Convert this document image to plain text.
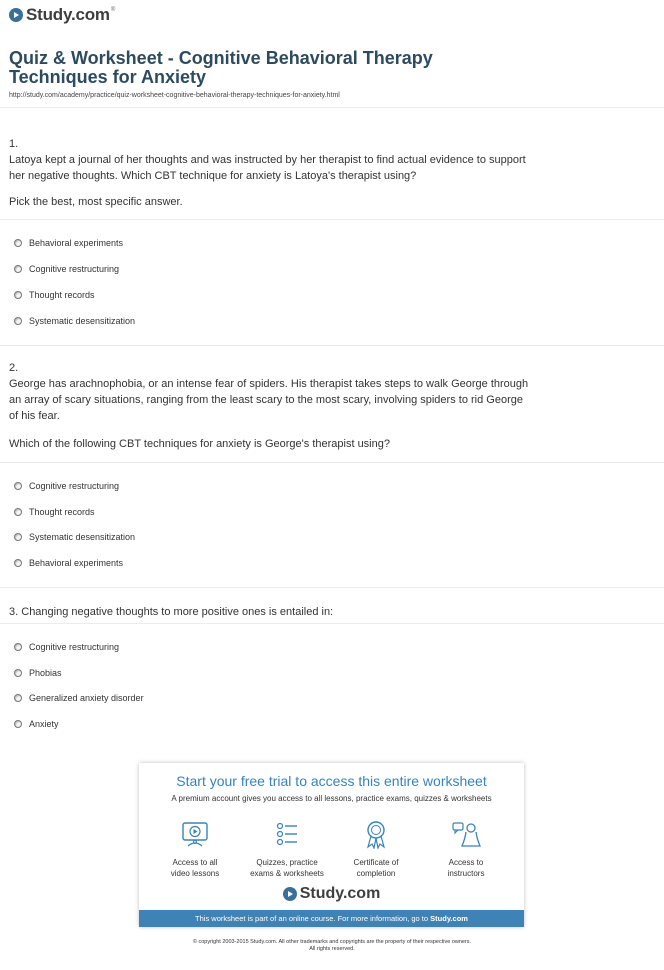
Study.com ®
Quiz & Worksheet - Cognitive Behavioral Therapy Techniques for Anxiety
http://study.com/academy/practice/quiz-worksheet-cognitive-behavioral-therapy-techniques-for-anxiety.html
1.
Latoya kept a journal of her thoughts and was instructed by her therapist to find actual evidence to support her negative thoughts. Which CBT technique for anxiety is Latoya's therapist using?
Pick the best, most specific answer.
Behavioral experiments
Cognitive restructuring
Thought records
Systematic desensitization
2.
George has arachnophobia, or an intense fear of spiders. His therapist takes steps to walk George through an array of scary situations, ranging from the least scary to the most scary, involving spiders to rid George of his fear.
Which of the following CBT techniques for anxiety is George's therapist using?
Cognitive restructuring
Thought records
Systematic desensitization
Behavioral experiments
3.
Changing negative thoughts to more positive ones is entailed in:
Cognitive restructuring
Phobias
Generalized anxiety disorder
Anxiety
Start your free trial to access this entire worksheet
A premium account gives you access to all lessons, practice exams, quizzes & worksheets
Access to all
video lessons
Quizzes, practice
exams & worksheets
Certificate of
completion
Access to
instructors
Study.com
This worksheet is part of an online course. For more information, go to Study.com
© copyright 2003-2015 Study.com. All other trademarks and copyrights are the property of their respective owners.
All rights reserved.
